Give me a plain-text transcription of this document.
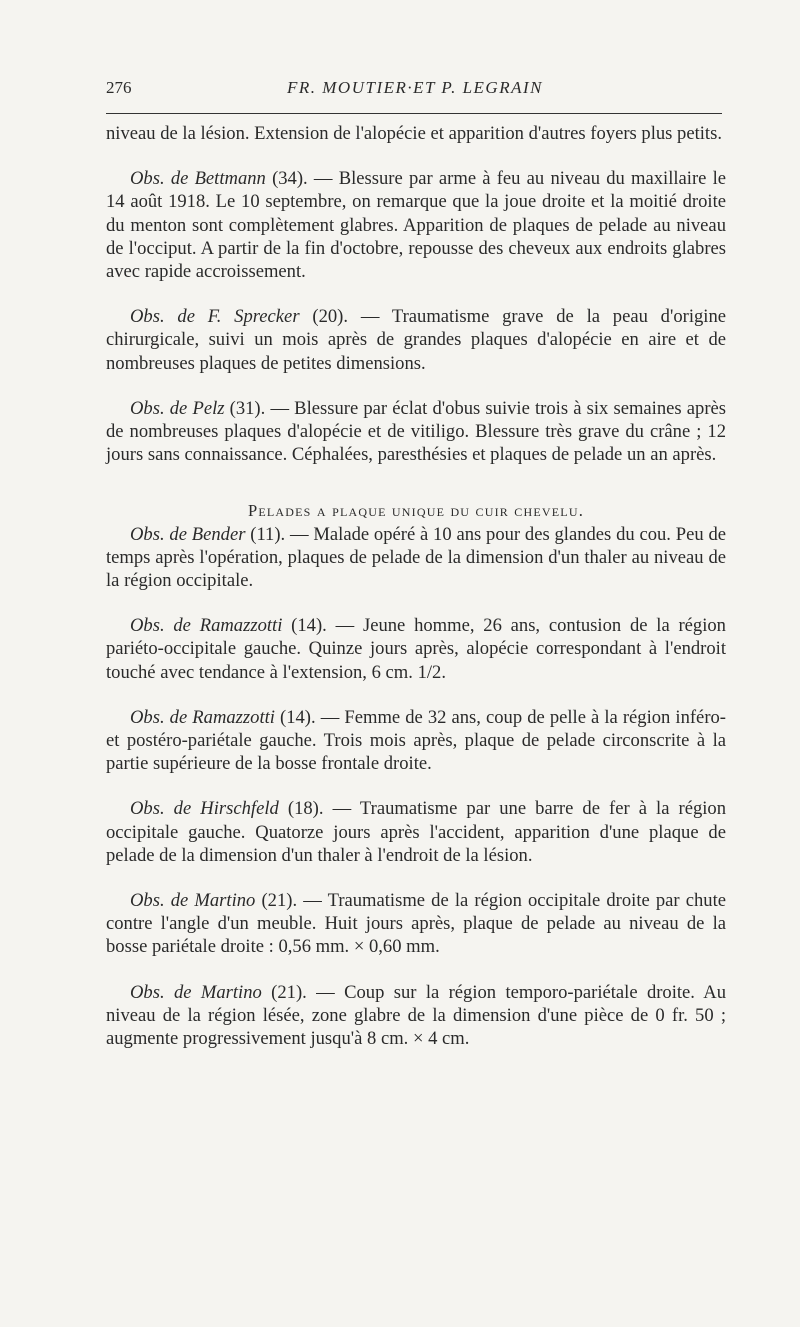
276	FR. MOUTIER·ET P. LEGRAIN

niveau de la lésion. Extension de l'alopécie et apparition d'autres foyers plus petits.

Obs. de Bettmann (34). — Blessure par arme à feu au niveau du maxillaire le 14 août 1918. Le 10 septembre, on remarque que la joue droite et la moitié droite du menton sont complètement glabres. Apparition de plaques de pelade au niveau de l'occiput. A partir de la fin d'octobre, repousse des cheveux aux endroits glabres avec rapide accroissement.

Obs. de F. Sprecker (20). — Traumatisme grave de la peau d'origine chirurgicale, suivi un mois après de grandes plaques d'alopécie en aire et de nombreuses plaques de petites dimensions.

Obs. de Pelz (31). — Blessure par éclat d'obus suivie trois à six semaines après de nombreuses plaques d'alopécie et de vitiligo. Blessure très grave du crâne ; 12 jours sans connaissance. Céphalées, paresthésies et plaques de pelade un an après.

Pelades a plaque unique du cuir chevelu.

Obs. de Bender (11). — Malade opéré à 10 ans pour des glandes du cou. Peu de temps après l'opération, plaques de pelade de la dimension d'un thaler au niveau de la région occipitale.

Obs. de Ramazzotti (14). — Jeune homme, 26 ans, contusion de la région pariéto-occipitale gauche. Quinze jours après, alopécie correspondant à l'endroit touché avec tendance à l'extension, 6 cm. 1/2.

Obs. de Ramazzotti (14). — Femme de 32 ans, coup de pelle à la région inféro- et postéro-pariétale gauche. Trois mois après, plaque de pelade circonscrite à la partie supérieure de la bosse frontale droite.

Obs. de Hirschfeld (18). — Traumatisme par une barre de fer à la région occipitale gauche. Quatorze jours après l'accident, apparition d'une plaque de pelade de la dimension d'un thaler à l'endroit de la lésion.

Obs. de Martino (21). — Traumatisme de la région occipitale droite par chute contre l'angle d'un meuble. Huit jours après, plaque de pelade au niveau de la bosse pariétale droite : 0,56 mm. × 0,60 mm.

Obs. de Martino (21). — Coup sur la région temporo-pariétale droite. Au niveau de la région lésée, zone glabre de la dimension d'une pièce de 0 fr. 50 ; augmente progressivement jusqu'à 8 cm. × 4 cm.
